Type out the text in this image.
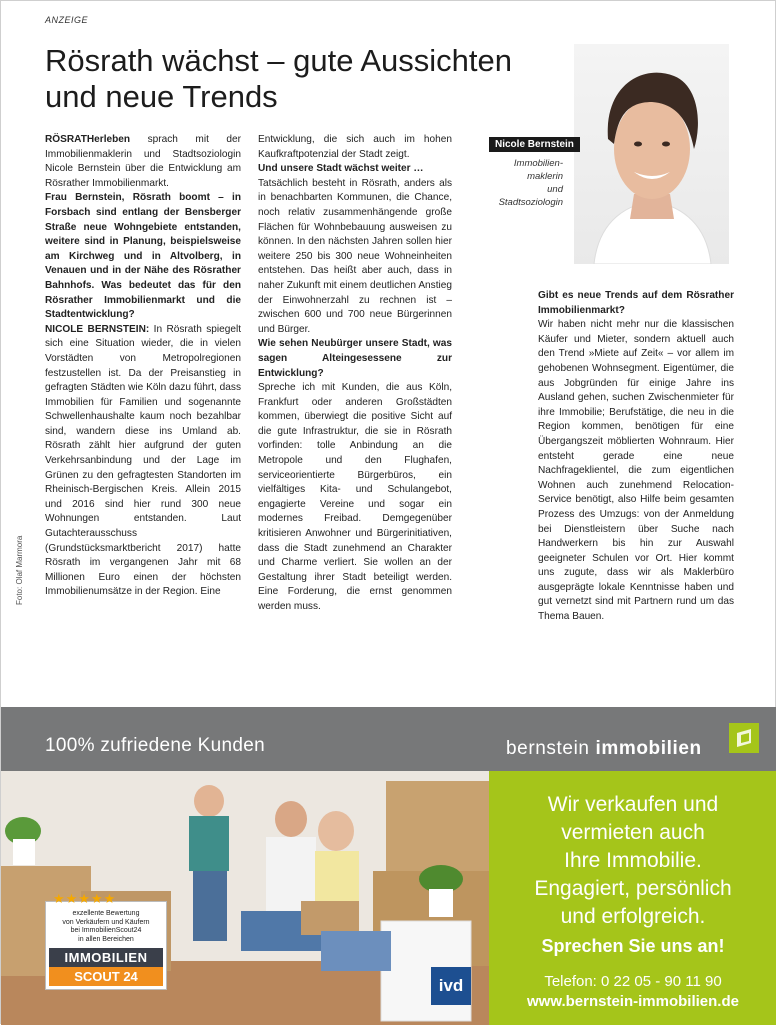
ANZEIGE
Rösrath wächst – gute Aussichten und neue Trends

RÖSRATHerleben sprach mit der Immobilienmaklerin und Stadtsoziologin Nicole Bernstein über die Entwicklung am Rösrather Immobilienmarkt.

Frau Bernstein, Rösrath boomt – in Forsbach sind entlang der Bensberger Straße neue Wohngebiete entstanden, weitere sind in Planung, beispielsweise am Kirchweg und in Altvolberg, in Venauen und in der Nähe des Rösrather Bahnhofs. Was bedeutet das für den Rösrather Immobilienmarkt und die Stadtentwicklung?

NICOLE BERNSTEIN: In Rösrath spiegelt sich eine Situation wieder, die in vielen Vorstädten von Metropolregionen festzustellen ist. Da der Preisanstieg in gefragten Städten wie Köln dazu führt, dass Immobilien für Familien und sogenannte Schwellenhaushalte kaum noch bezahlbar sind, wandern diese ins Umland ab. Rösrath zählt hier aufgrund der guten Verkehrsanbindung und der Lage im Grünen zu den gefragtesten Standorten im Rheinisch-Bergischen Kreis. Allein 2015 und 2016 sind hier rund 300 neue Wohnungen entstanden. Laut Gutachterausschuss (Grundstücksmarktbericht 2017) hatte Rösrath im vergangenen Jahr mit 68 Millionen Euro einen der höchsten Immobilienumsätze in der Region. Eine

Entwicklung, die sich auch im hohen Kaufkraftpotenzial der Stadt zeigt.

Und unsere Stadt wächst weiter …

Tatsächlich besteht in Rösrath, anders als in benachbarten Kommunen, die Chance, noch relativ zusammenhängende große Flächen für Wohnbebauung ausweisen zu können. In den nächsten Jahren sollen hier weitere 250 bis 300 neue Wohneinheiten entstehen. Das heißt aber auch, dass in naher Zukunft mit einem deutlichen Anstieg der Einwohnerzahl zu rechnen ist – zwischen 600 und 700 neue Bürgerinnen und Bürger.

Wie sehen Neubürger unsere Stadt, was sagen Alteingesessene zur Entwicklung?

Spreche ich mit Kunden, die aus Köln, Frankfurt oder anderen Großstädten kommen, überwiegt die positive Sicht auf die gute Infrastruktur, die sie in Rösrath vorfinden: tolle Anbindung an die Metropole und den Flughafen, serviceorientierte Bürgerbüros, ein vielfältiges Kita- und Schulangebot, engagierte Vereine und sogar ein modernes Freibad. Demgegenüber kritisieren Anwohner und Bürgerinitiativen, dass die Stadt zunehmend an Charakter und Charme verliert. Sie wollen an der Gestaltung ihrer Stadt beteiligt werden. Eine Forderung, die ernst genommen werden muss.

Gibt es neue Trends auf dem Rösrather Immobilienmarkt?

Wir haben nicht mehr nur die klassischen Käufer und Mieter, sondern aktuell auch den Trend »Miete auf Zeit« – vor allem im gehobenen Wohnsegment. Eigentümer, die aus Jobgründen für einige Jahre ins Ausland gehen, suchen Zwischenmieter für ihre Immobilie; Berufstätige, die neu in die Region kommen, benötigen für eine Übergangszeit möblierten Wohnraum. Hier entsteht gerade eine neue Nachfrageklientel, die zum eigentlichen Wohnen auch zunehmend Relocation-Service benötigt, also Hilfe beim gesamten Prozess des Umzugs: von der Anmeldung bei Dienstleistern über Suche nach Handwerkern bis hin zur Auswahl geeigneter Schulen vor Ort. Hier kommt uns zugute, dass wir als Maklerbüro ausgeprägte lokale Kenntnisse haben und gut vernetzt sind mit Partnern rund um das Thema Bauen.

Nicole Bernstein
Immobilien-
maklerin
und
Stadtsoziologin
Foto: Olaf Marmora
100% zufriedene Kunden	bernstein immobilien
★★★★★
exzellente Bewertung
von Verkäufern und Käufern
bei ImmobilienScout24
in allen Bereichen
IMMOBILIEN
SCOUT 24	ivd
Wir verkaufen und
vermieten auch
Ihre Immobilie.
Engagiert, persönlich
und erfolgreich.
Sprechen Sie uns an!
Telefon: 0 22 05 - 90 11 90
www.bernstein-immobilien.de
